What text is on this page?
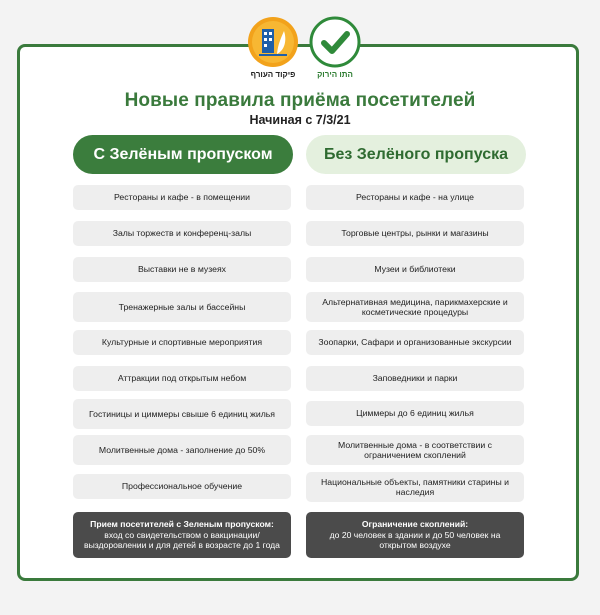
פיקוד העורף	התו הירוק
Новые правила приёма посетителей
Начиная с 7/3/21
С Зелёным пропуском
Рестораны и кафе - в помещении
Залы торжеств и конференц-залы
Выставки не в музеях
Тренажерные залы и бассейны
Культурные и спортивные мероприятия
Аттракции под открытым небом
Гостиницы и циммеры свыше 6 единиц жилья
Молитвенные дома - заполнение до 50%
Профессиональное обучение
Без Зелёного пропуска
Рестораны и кафе - на улице
Торговые центры, рынки и магазины
Музеи и библиотеки
Альтернативная медицина, парикмахерские и косметические процедуры
Зоопарки, Сафари и организованные экскурсии
Заповедники и парки
Циммеры до 6 единиц жилья
Молитвенные дома - в соответствии с ограничением скоплений
Национальные объекты, памятники старины и наследия
Прием посетителей с Зеленым пропуском:
вход со свидетельством о вакцинации/выздоровлении и для детей в возрасте до 1 года
Ограничение скоплений:
до 20 человек в здании и до 50 человек на открытом воздухе
